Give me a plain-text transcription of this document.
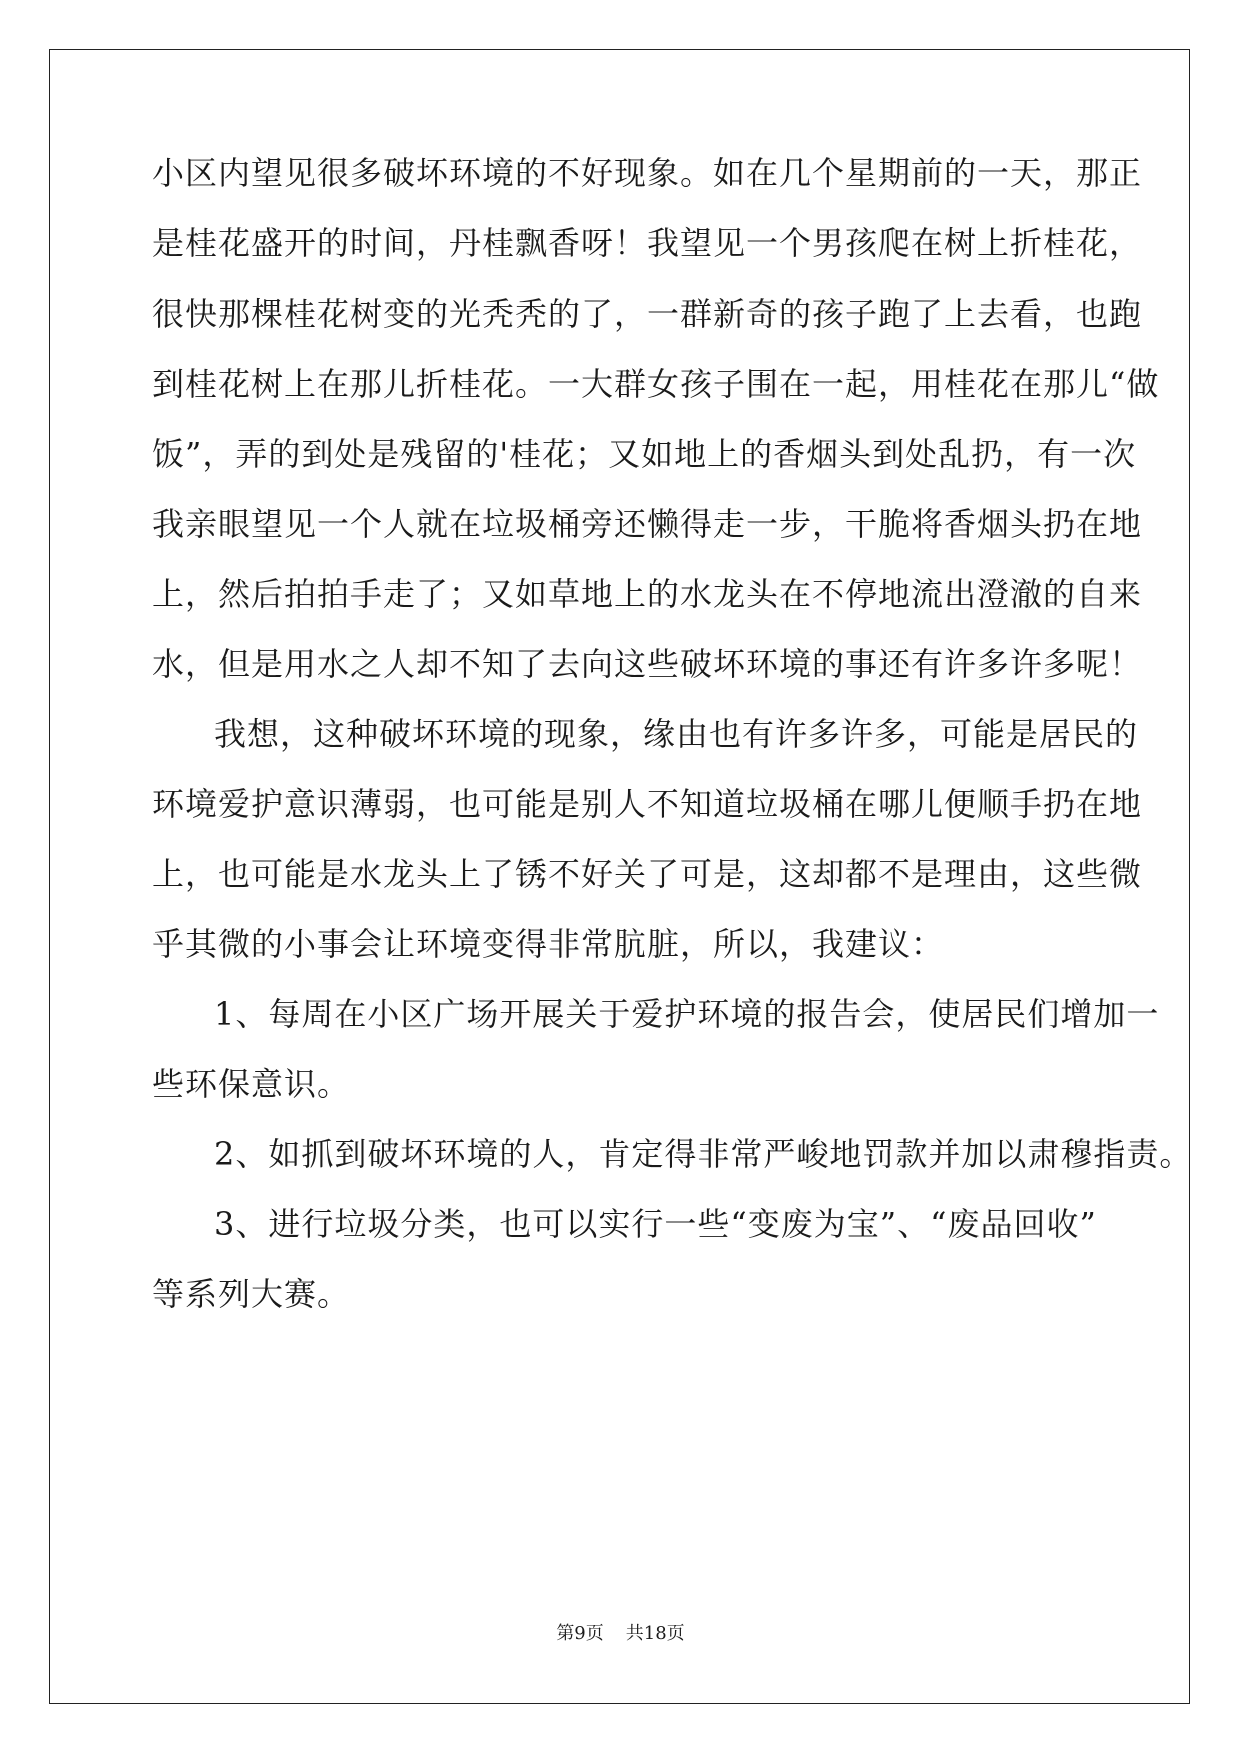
小区内望见很多破坏环境的不好现象。如在几个星期前的一天，那正
是桂花盛开的时间，丹桂飘香呀！我望见一个男孩爬在树上折桂花，
很快那棵桂花树变的光秃秃的了，一群新奇的孩子跑了上去看，也跑
到桂花树上在那儿折桂花。一大群女孩子围在一起，用桂花在那儿“做
饭”，弄的到处是残留的'桂花；又如地上的香烟头到处乱扔，有一次
我亲眼望见一个人就在垃圾桶旁还懒得走一步，干脆将香烟头扔在地
上，然后拍拍手走了；又如草地上的水龙头在不停地流出澄澈的自来
水，但是用水之人却不知了去向这些破坏环境的事还有许多许多呢！
我想，这种破坏环境的现象，缘由也有许多许多，可能是居民的
环境爱护意识薄弱，也可能是别人不知道垃圾桶在哪儿便顺手扔在地
上，也可能是水龙头上了锈不好关了可是，这却都不是理由，这些微
乎其微的小事会让环境变得非常肮脏，所以，我建议：
1、每周在小区广场开展关于爱护环境的报告会，使居民们增加一
些环保意识。
2、如抓到破坏环境的人，肯定得非常严峻地罚款并加以肃穆指责。
3、进行垃圾分类，也可以实行一些“变废为宝”、“废品回收”
等系列大赛。
第9页 共18页
